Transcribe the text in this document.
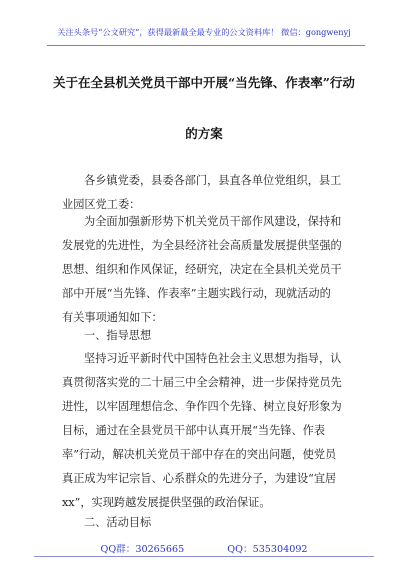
关注头条号“公文研究”，获得最新最全最专业的公文资料库！ 微信：gongwenyj
关于在全县机关党员干部中开展“当先锋、作表率”行动
的方案
各乡镇党委，县委各部门，县直各单位党组织，县工
业园区党工委：
为全面加强新形势下机关党员干部作风建设，保持和
发展党的先进性，为全县经济社会高质量发展提供坚强的
思想、组织和作风保证，经研究，决定在全县机关党员干
部中开展“当先锋、作表率”主题实践行动，现就活动的
有关事项通知如下：
一、指导思想
坚持习近平新时代中国特色社会主义思想为指导，认
真贯彻落实党的二十届三中全会精神，进一步保持党员先
进性，以牢固理想信念、争作四个先锋、树立良好形象为
目标，通过在全县党员干部中认真开展“当先锋、作表
率”行动，解决机关党员干部中存在的突出问题，使党员
真正成为牢记宗旨、心系群众的先进分子，为建设“宜居
xx”，实现跨越发展提供坚强的政治保证。
二、活动目标
QQ群：30265665	QQ：535304092
